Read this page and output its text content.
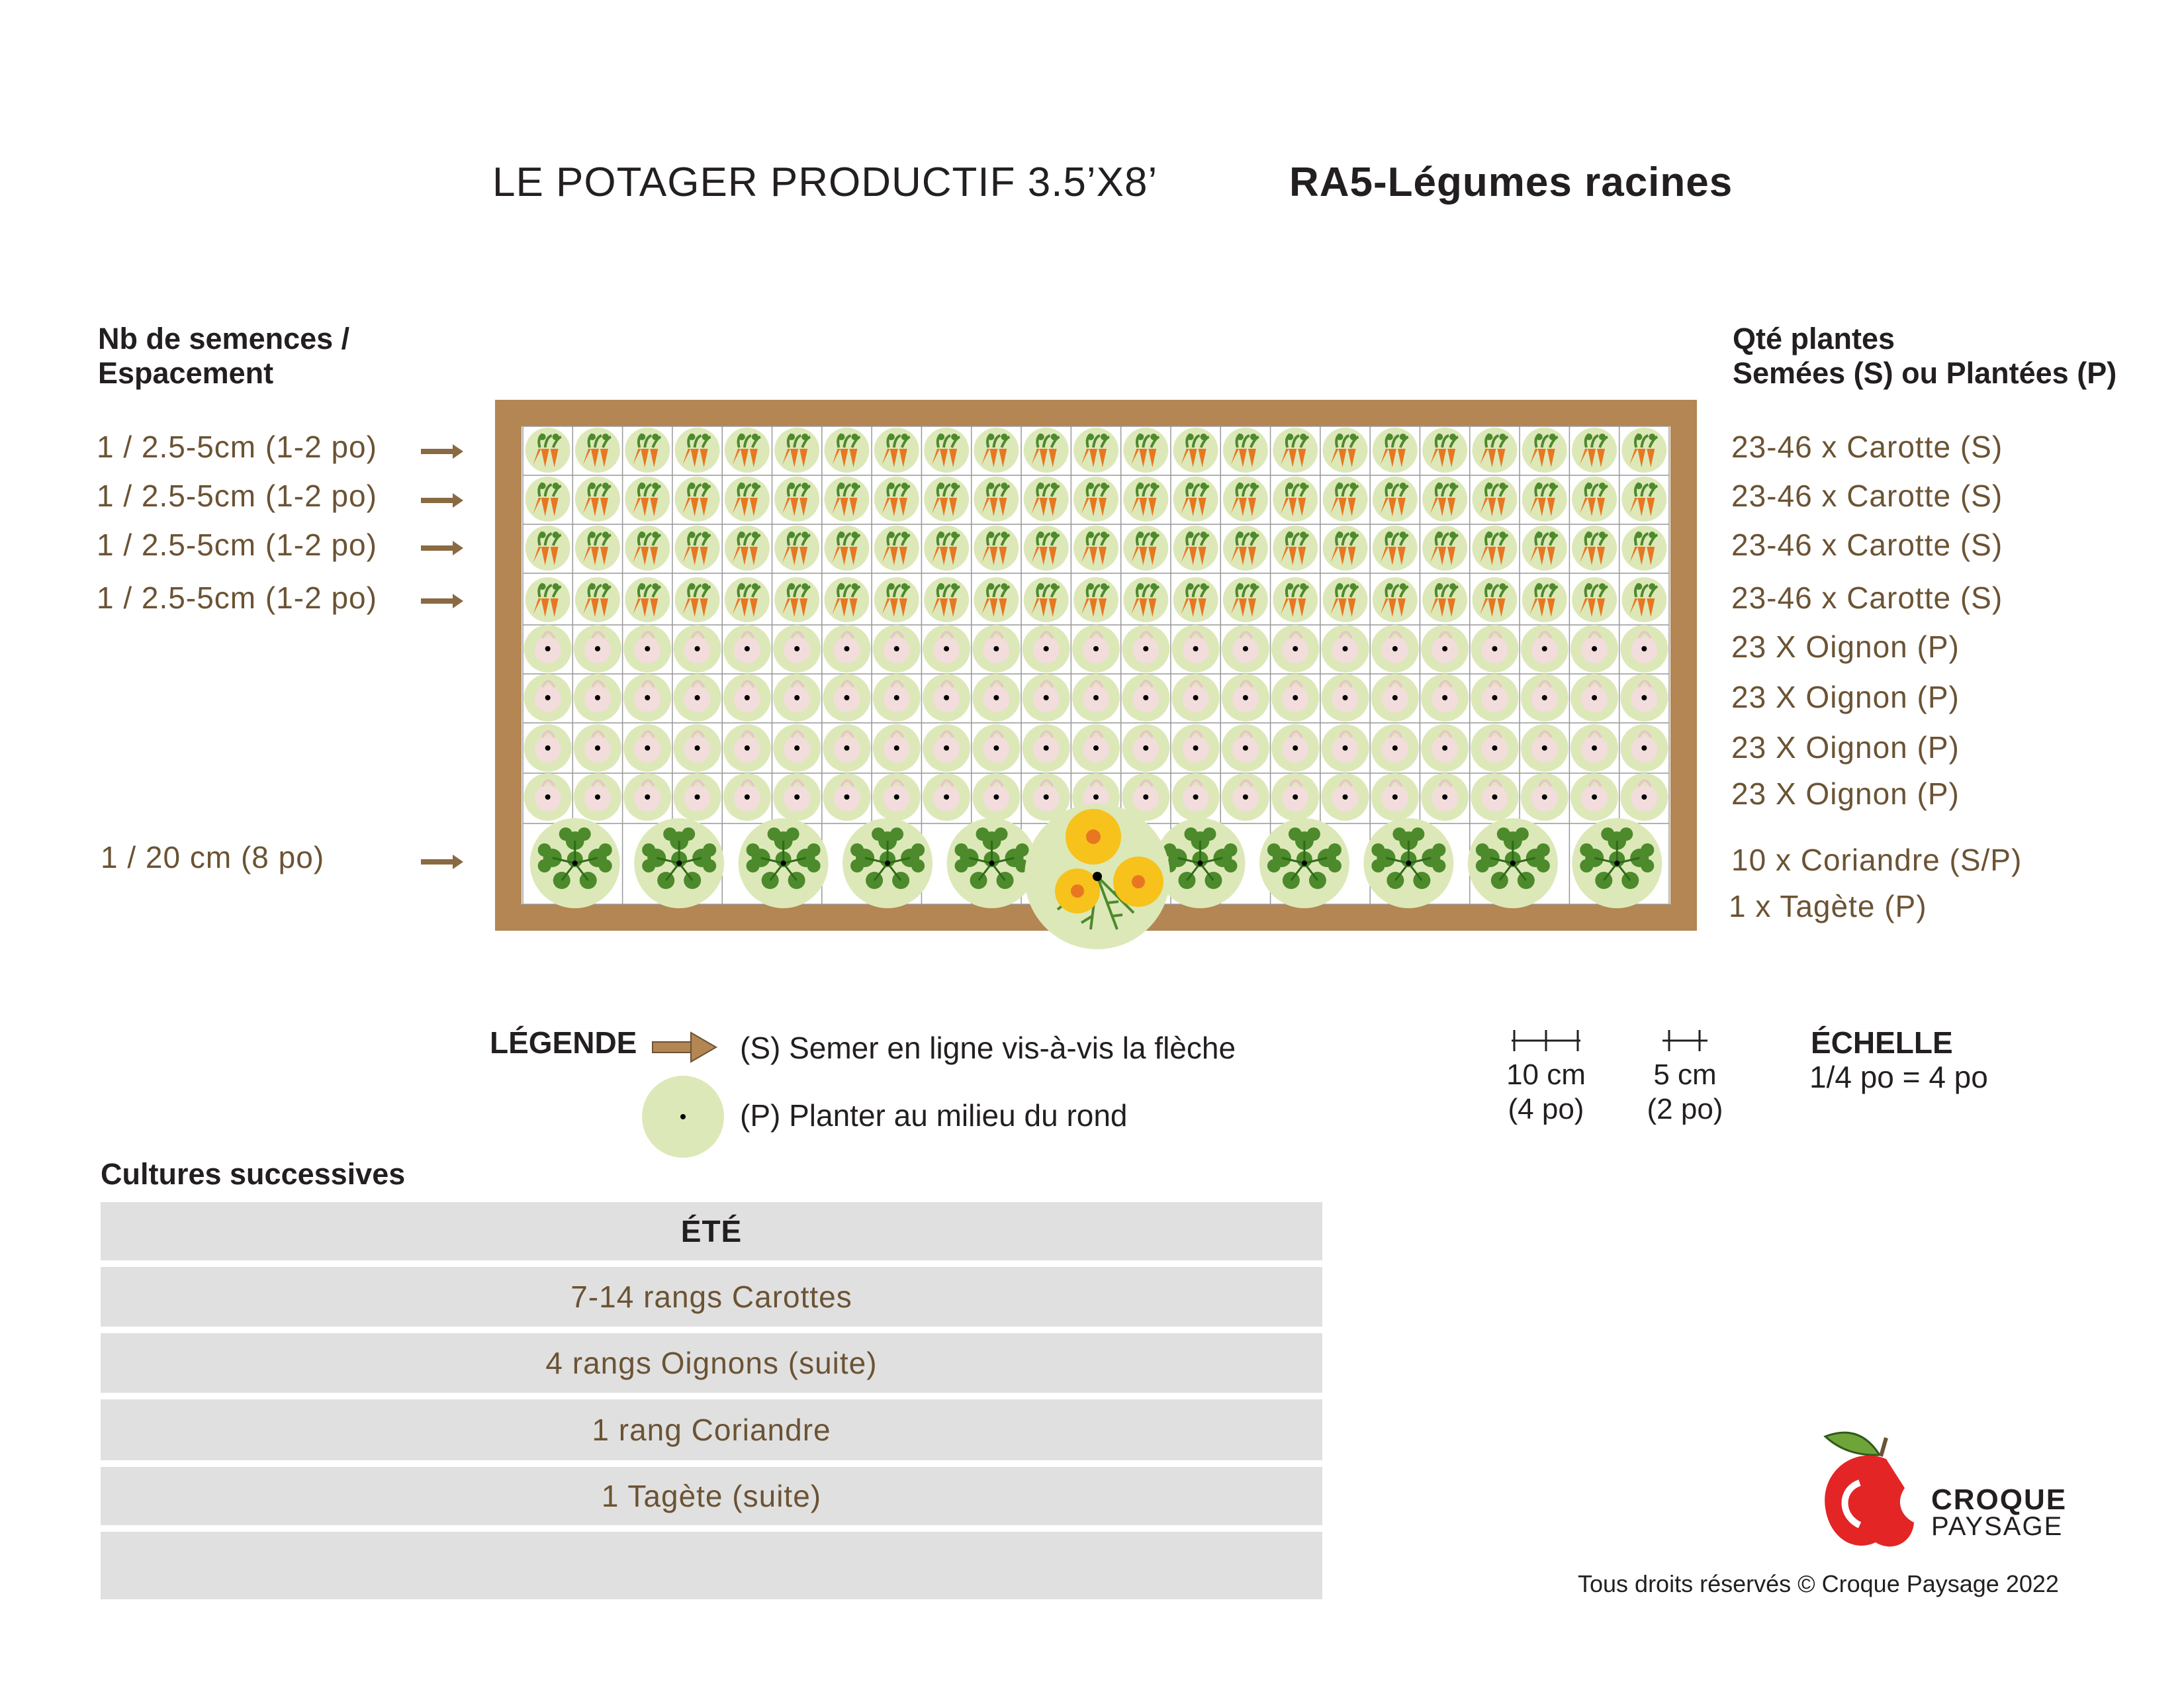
LE POTAGER PRODUCTIF 3.5’X8’	RA5-Légumes racines
Nb de semences /
Espacement
Qté plantes
Semées (S) ou Plantées (P)
1 / 2.5-5cm (1-2 po)
1 / 2.5-5cm (1-2 po)
1 / 2.5-5cm (1-2 po)
1 / 2.5-5cm (1-2 po)
1 / 20 cm (8 po)
23-46 x Carotte (S)
23-46 x Carotte (S)
23-46 x Carotte (S)
23-46 x Carotte (S)
23 X Oignon (P)
23 X Oignon (P)
23 X Oignon (P)
23 X Oignon (P)
10 x Coriandre (S/P)
1 x Tagète (P)
LÉGENDE	(S) Semer en ligne vis-à-vis la flèche
(P) Planter au milieu du rond
10 cm
(4 po)
5 cm
(2 po)
ÉCHELLE
1/4 po = 4 po
Cultures successives
ÉTÉ
7-14 rangs Carottes
4 rangs Oignons (suite)
1 rang Coriandre
1 Tagète (suite)	CROQUE
PAYSAGE
Tous droits réservés © Croque Paysage 2022
